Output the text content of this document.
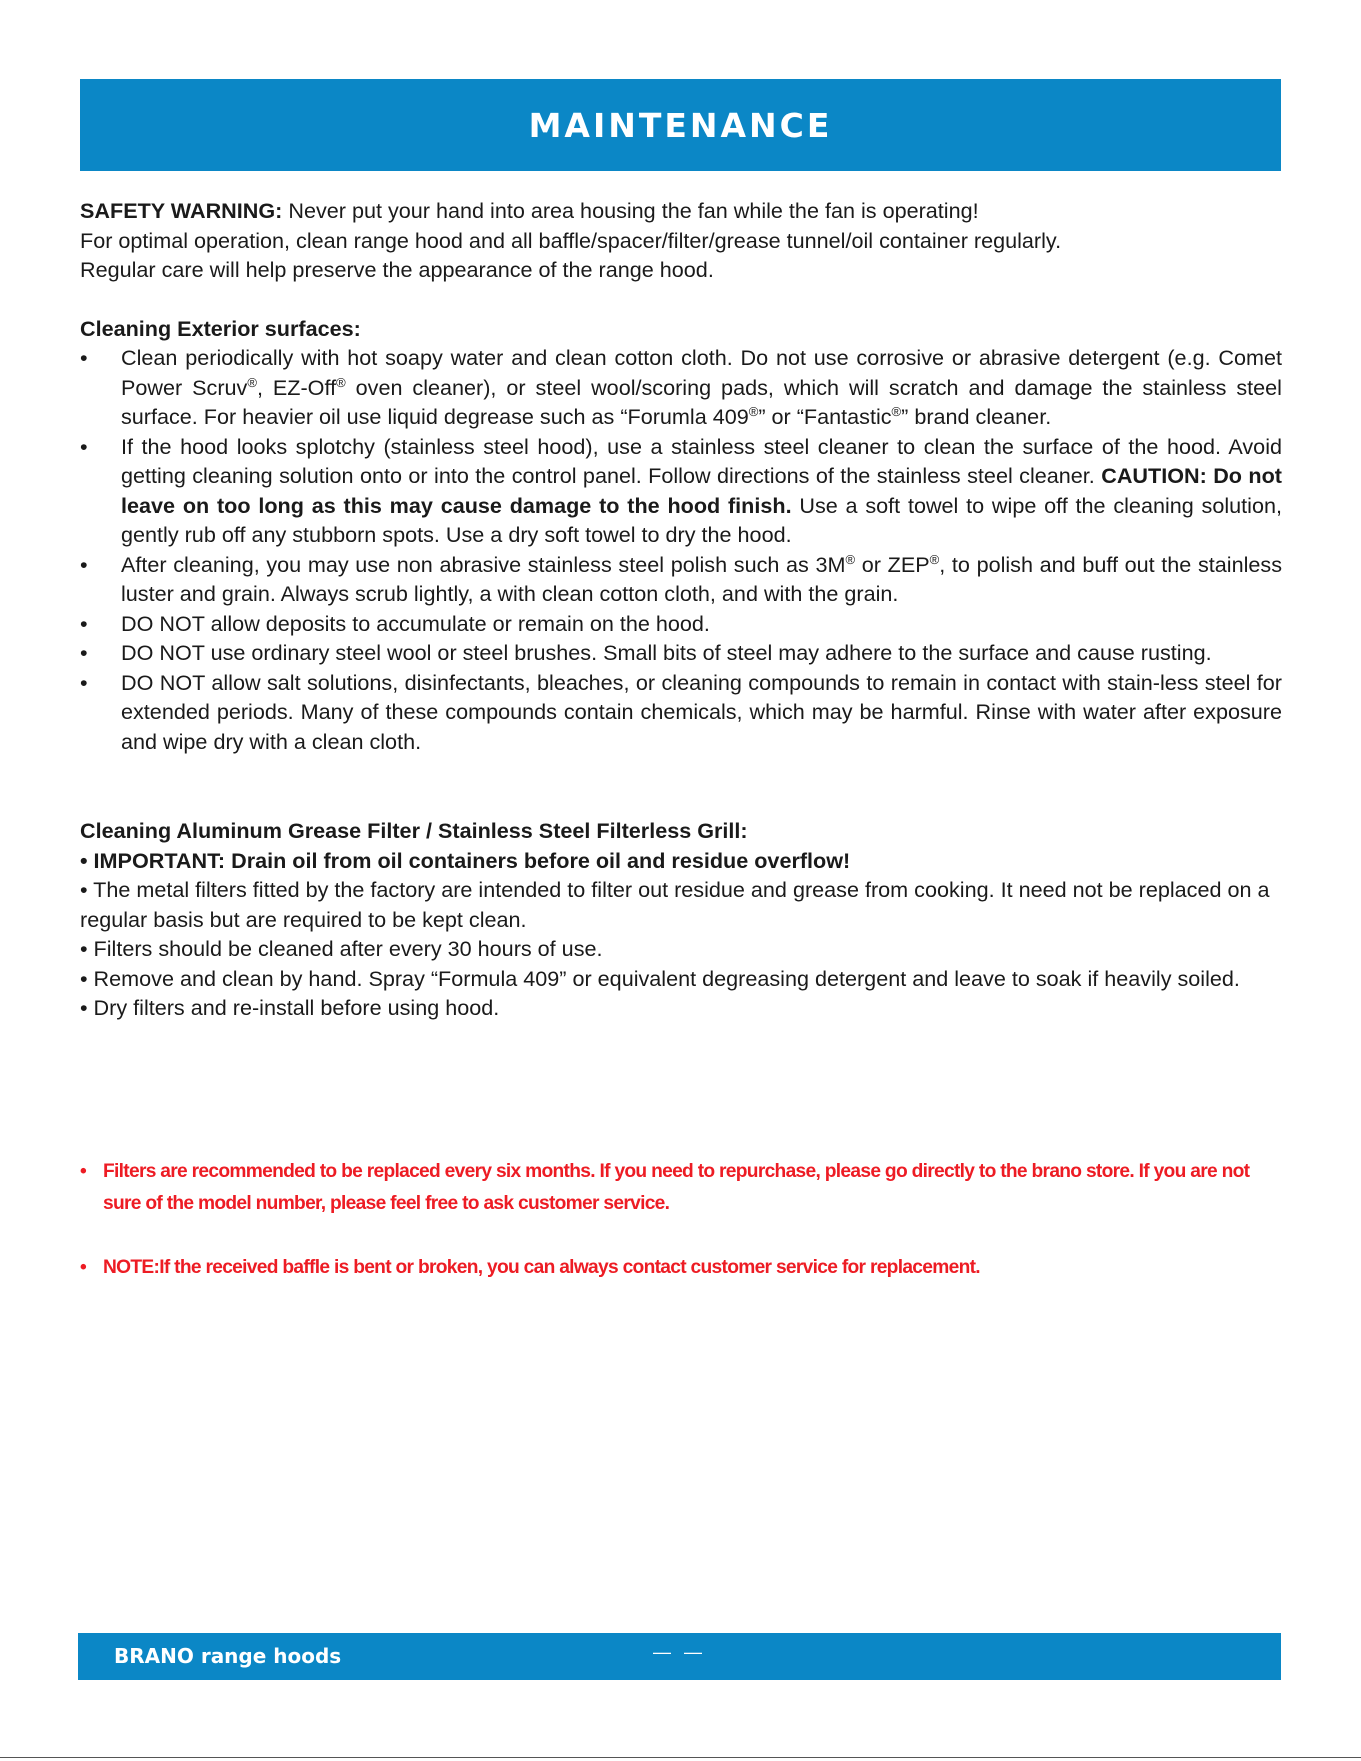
MAINTENANCE

SAFETY WARNING: Never put your hand into area housing the fan while the fan is operating!

For optimal operation, clean range hood and all baffle/spacer/filter/grease tunnel/oil container regularly.

Regular care will help preserve the appearance of the range hood.

Cleaning Exterior surfaces:

• Clean periodically with hot soapy water and clean cotton cloth. Do not use corrosive or abrasive detergent (e.g. Comet Power Scruv®, EZ-Off® oven cleaner), or steel wool/scoring pads, which will scratch and damage the stainless steel surface. For heavier oil use liquid degrease such as “Forumla 409®” or “Fantastic®” brand cleaner.
• If the hood looks splotchy (stainless steel hood), use a stainless steel cleaner to clean the surface of the hood. Avoid getting cleaning solution onto or into the control panel. Follow directions of the stainless steel cleaner. CAUTION: Do not leave on too long as this may cause damage to the hood finish. Use a soft towel to wipe off the cleaning solution, gently rub off any stubborn spots. Use a dry soft towel to dry the hood.
• After cleaning, you may use non abrasive stainless steel polish such as 3M® or ZEP®, to polish and buff out the stainless luster and grain. Always scrub lightly, a with clean cotton cloth, and with the grain.
• DO NOT allow deposits to accumulate or remain on the hood.
• DO NOT use ordinary steel wool or steel brushes. Small bits of steel may adhere to the surface and cause rusting.
• DO NOT allow salt solutions, disinfectants, bleaches, or cleaning compounds to remain in contact with stain-less steel for extended periods. Many of these compounds contain chemicals, which may be harmful. Rinse with water after exposure and wipe dry with a clean cloth.

Cleaning Aluminum Grease Filter / Stainless Steel Filterless Grill:

• IMPORTANT: Drain oil from oil containers before oil and residue overflow!

• The metal filters fitted by the factory are intended to filter out residue and grease from cooking. It need not be replaced on a regular basis but are required to be kept clean.

• Filters should be cleaned after every 30 hours of use.

• Remove and clean by hand. Spray “Formula 409” or equivalent degreasing detergent and leave to soak if heavily soiled.

• Dry filters and re-install before using hood.

• Filters are recommended to be replaced every six months. If you need to repurchase, please go directly to the brano store. If you are not sure of the model number, please feel free to ask customer service.
• NOTE:If the received baffle is bent or broken, you can always contact customer service for replacement.
BRANO range hoods	— —
